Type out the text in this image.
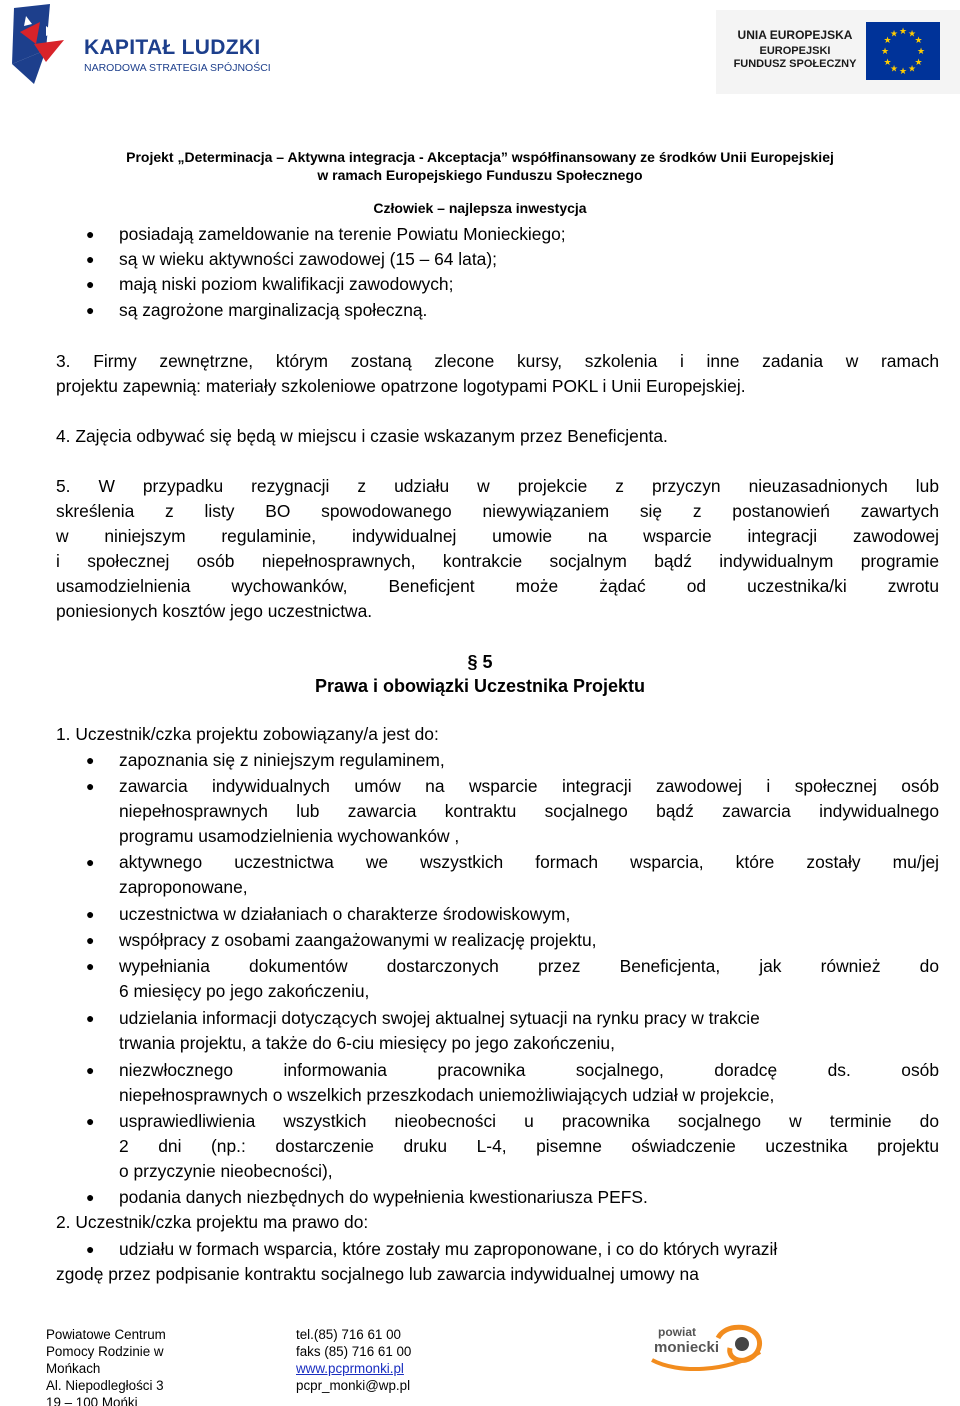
KAPITAŁ LUDZKI
NARODOWA STRATEGIA SPÓJNOŚCI
UNIA EUROPEJSKA
EUROPEJSKI
FUNDUSZ SPOŁECZNY
★ ★
★
★
★
★
★
★
★
★
★
★
Projekt „Determinacja – Aktywna integracja - Akceptacja” współfinansowany ze środków Unii Europejskiej
w ramach Europejskiego Funduszu Społecznego
Człowiek – najlepsza inwestycja
●	posiadają zameldowanie na terenie Powiatu Monieckiego;
●	są w wieku aktywności zawodowej (15 – 64 lata);
●	mają niski poziom kwalifikacji zawodowych;
●	są zagrożone marginalizacją społeczną.
3. Firmy zewnętrzne, którym zostaną zlecone kursy, szkolenia i inne zadania w ramach
projektu zapewnią: materiały szkoleniowe opatrzone logotypami POKL i Unii Europejskiej.
4. Zajęcia odbywać się będą w miejscu i czasie wskazanym przez Beneficjenta.
5. W przypadku rezygnacji z udziału w projekcie z przyczyn nieuzasadnionych lub
skreślenia z listy BO spowodowanego niewywiązaniem się z postanowień zawartych
w niniejszym regulaminie, indywidualnej umowie na wsparcie integracji zawodowej
i społecznej osób niepełnosprawnych, kontrakcie socjalnym bądź indywidualnym programie
usamodzielnienia wychowanków, Beneficjent może żądać od uczestnika/ki zwrotu
poniesionych kosztów jego uczestnictwa.
§ 5
Prawa i obowiązki Uczestnika Projektu
1. Uczestnik/czka projektu zobowiązany/a jest do:
●	zapoznania się z niniejszym regulaminem,
●	zawarcia indywidualnych umów na wsparcie integracji zawodowej i społecznej osób
niepełnosprawnych lub zawarcia kontraktu socjalnego bądź zawarcia indywidualnego
programu usamodzielnienia wychowanków ,
●	aktywnego uczestnictwa we wszystkich formach wsparcia, które zostały mu/jej
zaproponowane,
●	uczestnictwa w działaniach o charakterze środowiskowym,
●	współpracy z osobami zaangażowanymi w realizację projektu,
●	wypełniania dokumentów dostarczonych przez Beneficjenta, jak również do
6 miesięcy po jego zakończeniu,
●	udzielania informacji dotyczących swojej aktualnej sytuacji na rynku pracy w trakcie
trwania projektu, a także do 6-ciu miesięcy po jego zakończeniu,
●	niezwłocznego informowania pracownika socjalnego, doradcę ds. osób
niepełnosprawnych o wszelkich przeszkodach uniemożliwiających udział w projekcie,
●	usprawiedliwienia wszystkich nieobecności u pracownika socjalnego w terminie do
2 dni (np.: dostarczenie druku L-4, pisemne oświadczenie uczestnika projektu
o przyczynie nieobecności),
●	podania danych niezbędnych do wypełnienia kwestionariusza PEFS.
2. Uczestnik/czka projektu ma prawo do:
●	udziału w formach wsparcia, które zostały mu zaproponowane, i co do których wyraził
zgodę przez podpisanie kontraktu socjalnego lub zawarcia indywidualnej umowy na
Powiatowe Centrum
Pomocy Rodzinie w
Mońkach
Al. Niepodległości 3
19 – 100 Mońki
tel.(85) 716 61 00
faks (85) 716 61 00
www.pcprmonki.pl
pcpr_monki@wp.pl
powiat
moniecki
